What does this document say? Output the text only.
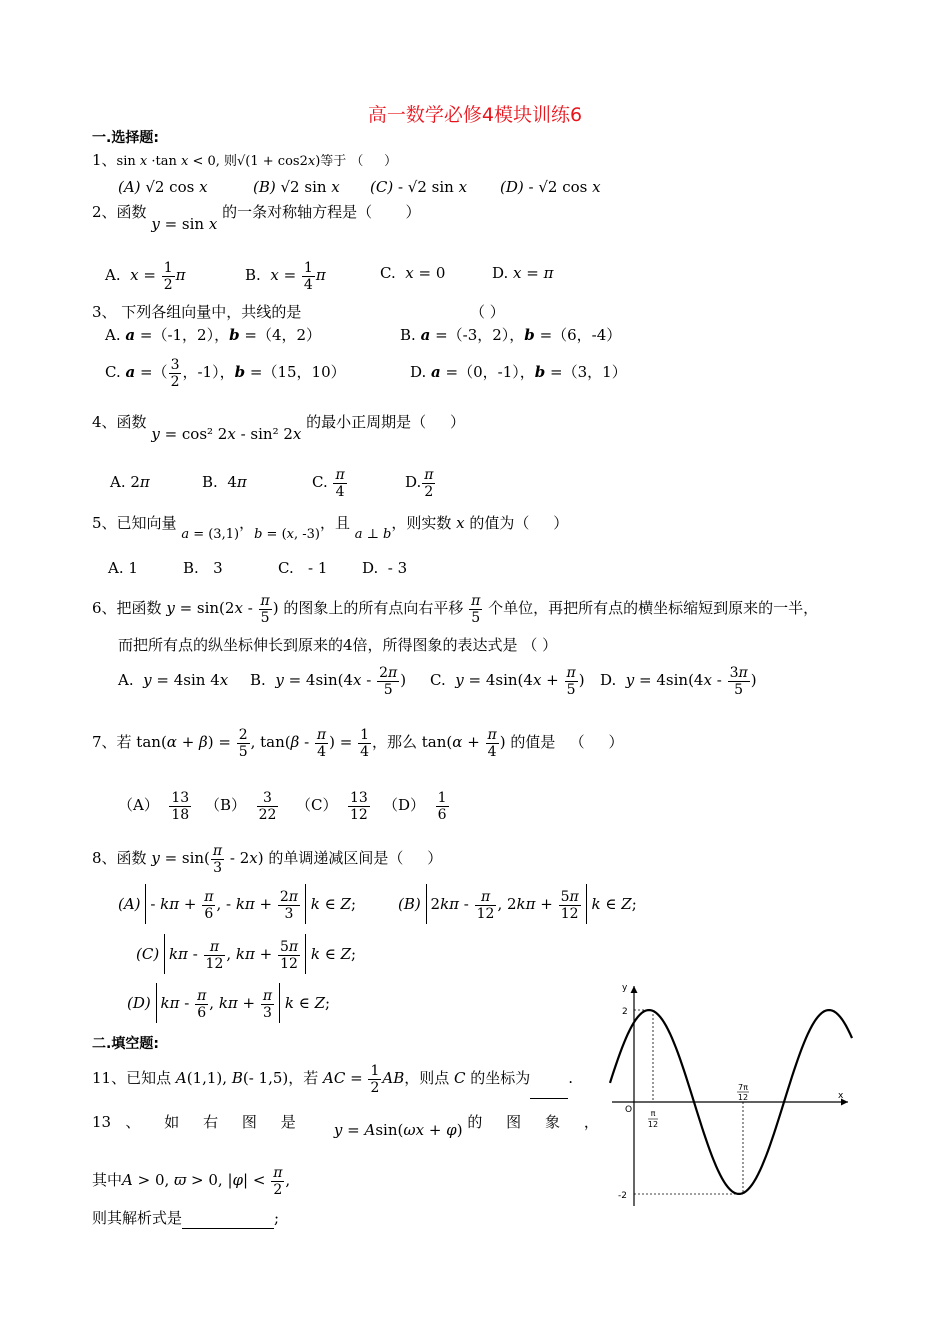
高一数学必修4模块训练6
一.选择题:
1、sin x ·tan x < 0, 则√(1 + cos2x)等于 （     ）
(A) √2 cos x	(B) √2 sin x (C) - √2 sin x (D) - √2 cos x
2、函数 y = sin x 的一条对称轴方程是（       ）
A.  $x = \frac{1}{2}$ π	B.  $x = \frac{1}{4}$ π	C.  x = 0	D. x = π
3、 下列各组向量中，共线的是	（ ）
A. a =（-1，2），b =（4，2）	B. a =（-3，2），b =（6，-4）
C. a =（ $\frac{3}{2}$ ，-1），b =（15，10）	D. a =（0，-1），b =（3，1）
4、函数 y = cos² 2x - sin² 2x 的最小正周期是（     ）
A. 2π	B.  4π	C. $\frac{\pi}{4}$	D. $\frac{\pi}{2}$
5、已知向量 a = (3,1)，b = (x, -3)，且 a ⊥ b，则实数 x 的值为（     ）
A. 1	B.   3	C.   - 1 D.  - 3
6、把函数 $y = \sin(2x - \frac{\pi}{5}$ ) 的图象上的所有点向右平移 $\frac{\pi}{5}$ 个单位，再把所有点的横坐标缩短到原来的一半，
而把所有点的纵坐标伸长到原来的4倍，所得图象的表达式是 （ ）
A.  y = 4sin 4x B.  $y = 4\sin(4x - \frac{2\pi}{5}$ ) C.  $y = 4\sin(4x + \frac{\pi}{5}$ ) D.  $y = 4\sin(4x - \frac{3\pi}{5}$ )
7、若 $\tan(\alpha + \beta) = \frac{2}{5}$ , $\tan(\beta - \frac{\pi}{4}$ ) = $\frac{1}{4}$ ，那么 $\tan(\alpha + \frac{\pi}{4}$ ) 的值是   （     ）
$(A) \frac{13}{18} (B) \frac{3}{22} (C) \frac{13}{12} (D) \frac{1}{6}$
8、函数 $y = \sin( \frac{\pi}{3} - 2x)$ 的单调递减区间是（     ）
$(A) - k\pi + \frac{\pi}{6}$ , - $k\pi + \frac{2\pi}{3}$ k ∈ Z;	(B) $2k\pi - \frac{\pi}{12}$ , $2k\pi + \frac{5\pi}{12}$ k ∈ Z;
(C) kπ - $\frac{\pi}{12}$ , $k\pi + \frac{5\pi}{12}$ k ∈ Z;
(D) kπ - $\frac{\pi}{6}$ , $k\pi + \frac{\pi}{3}$ k ∈ Z;
二.填空题:
11、已知点 A(1,1), B(- 1,5)，若 AC = $\frac{1}{2}$ AB，则点 C 的坐标为	.
13   、     如     右     图     是        y = Asin(ωx + φ) 的     图     象     ，
其中A > 0, ϖ > 0, $|\varphi| < \frac{\pi}{2}$ ,
则其解析式是	;
y
x
O
2
-2
π
12
7π
12
